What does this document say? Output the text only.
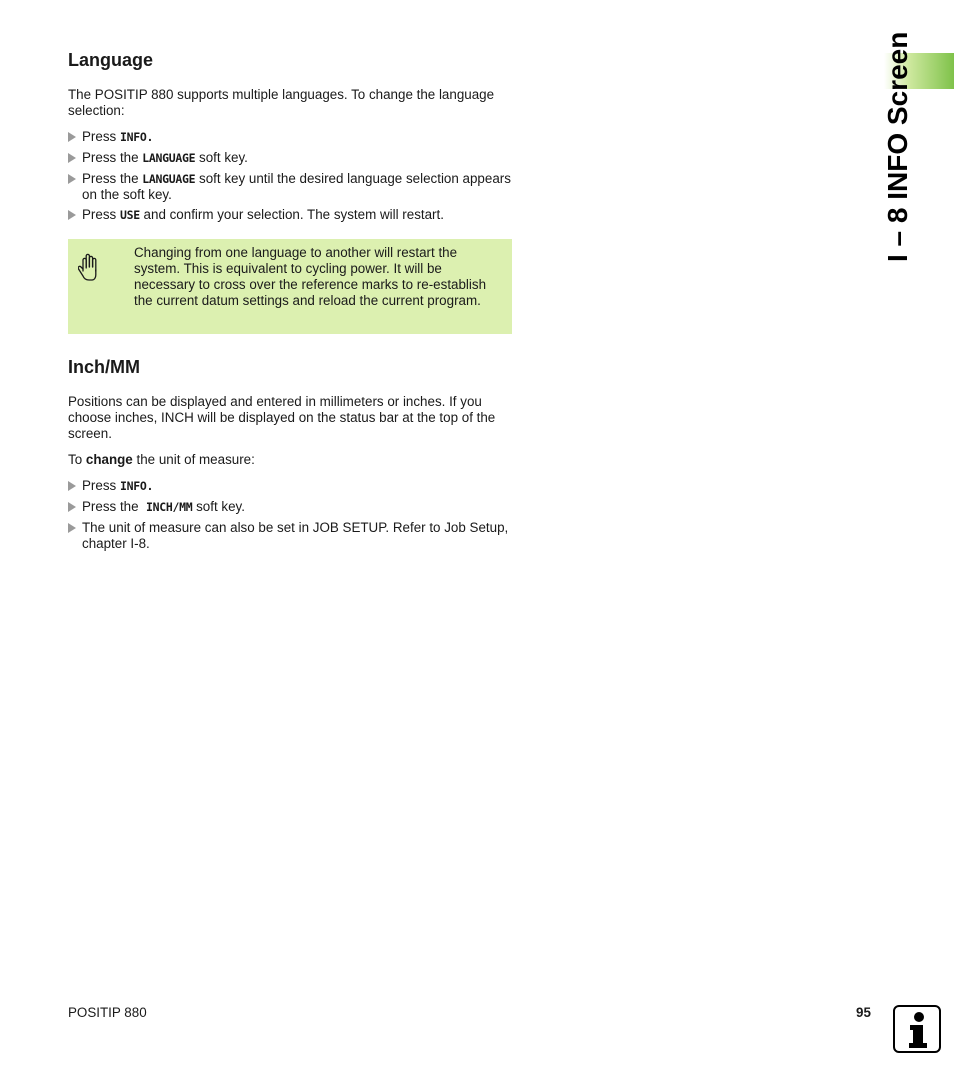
I – 8 INFO Screen
Language

The POSITIP 880 supports multiple languages. To change the language selection:

Press INFO.
Press the LANGUAGE soft key.
Press the LANGUAGE soft key until the desired language selection appears on the soft key.
Press USE and confirm your selection. The system will restart.

Changing from one language to another will restart the system. This is equivalent to cycling power. It will be necessary to cross over the reference marks to re-establish the current datum settings and reload the current program.

Inch/MM

Positions can be displayed and entered in millimeters or inches. If you choose inches, INCH will be displayed on the status bar at the top of the screen.

To change the unit of measure:

Press INFO.
Press the  INCH/MM soft key.
The unit of measure can also be set in JOB SETUP. Refer to Job Setup, chapter I-8.
POSITIP 880	95
